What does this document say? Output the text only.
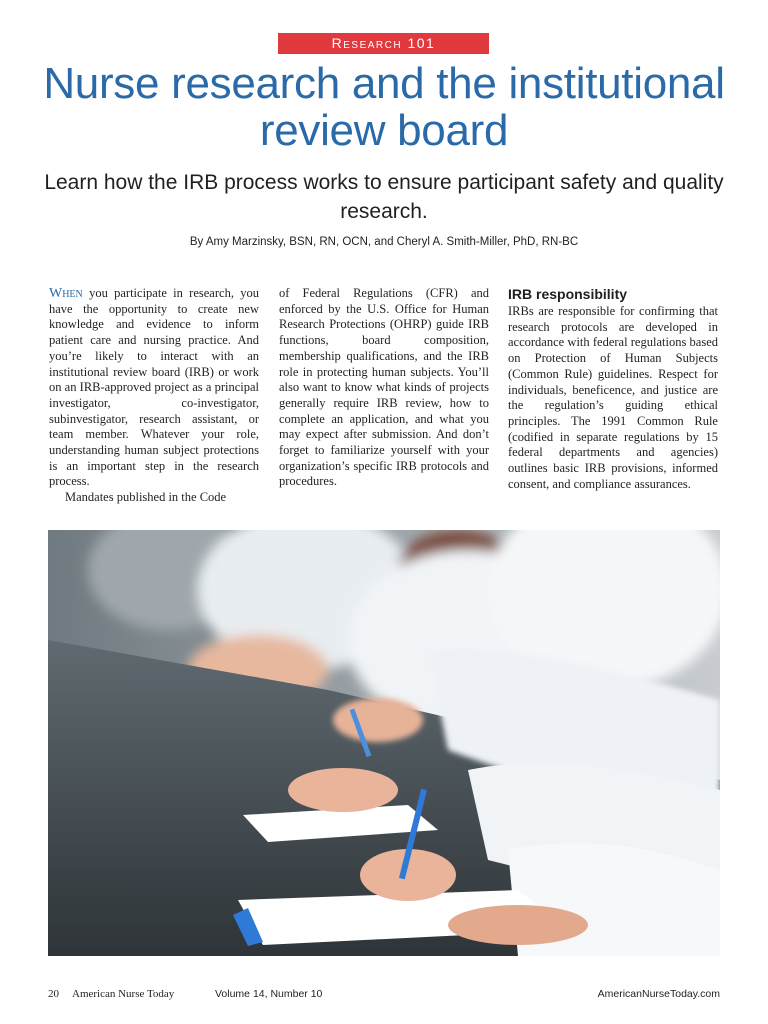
Research 101
Nurse research and the institutional review board

Learn how the IRB process works to ensure participant safety and quality research.

By Amy Marzinsky, BSN, RN, OCN, and Cheryl A. Smith-Miller, PhD, RN-BC

When you participate in research, you have the opportunity to create new knowledge and evidence to inform patient care and nursing practice. And you’re likely to interact with an institutional review board (IRB) or work on an IRB-approved project as a principal investigator, co-investigator, subinvestigator, research assistant, or team member. Whatever your role, understanding human subject protections is an important step in the research process.

Mandates published in the Code

of Federal Regulations (CFR) and enforced by the U.S. Office for Human Research Protections (OHRP) guide IRB functions, board composition, membership qualifications, and the IRB role in protecting human subjects. You’ll also want to know what kinds of projects generally require IRB review, how to complete an application, and what you may expect after submission. And don’t forget to familiarize yourself with your organization’s specific IRB protocols and procedures.

IRB responsibility

IRBs are responsible for confirming that research protocols are developed in accordance with federal regulations based on Protection of Human Subjects (Common Rule) guidelines. Respect for individuals, beneficence, and justice are the regulation’s guiding ethical principles. The 1991 Common Rule (codified in separate regulations by 15 federal departments and agencies) outlines basic IRB provisions, informed consent, and compliance assurances.

20 American Nurse Today	Volume 14, Number 10	AmericanNurseToday.com
